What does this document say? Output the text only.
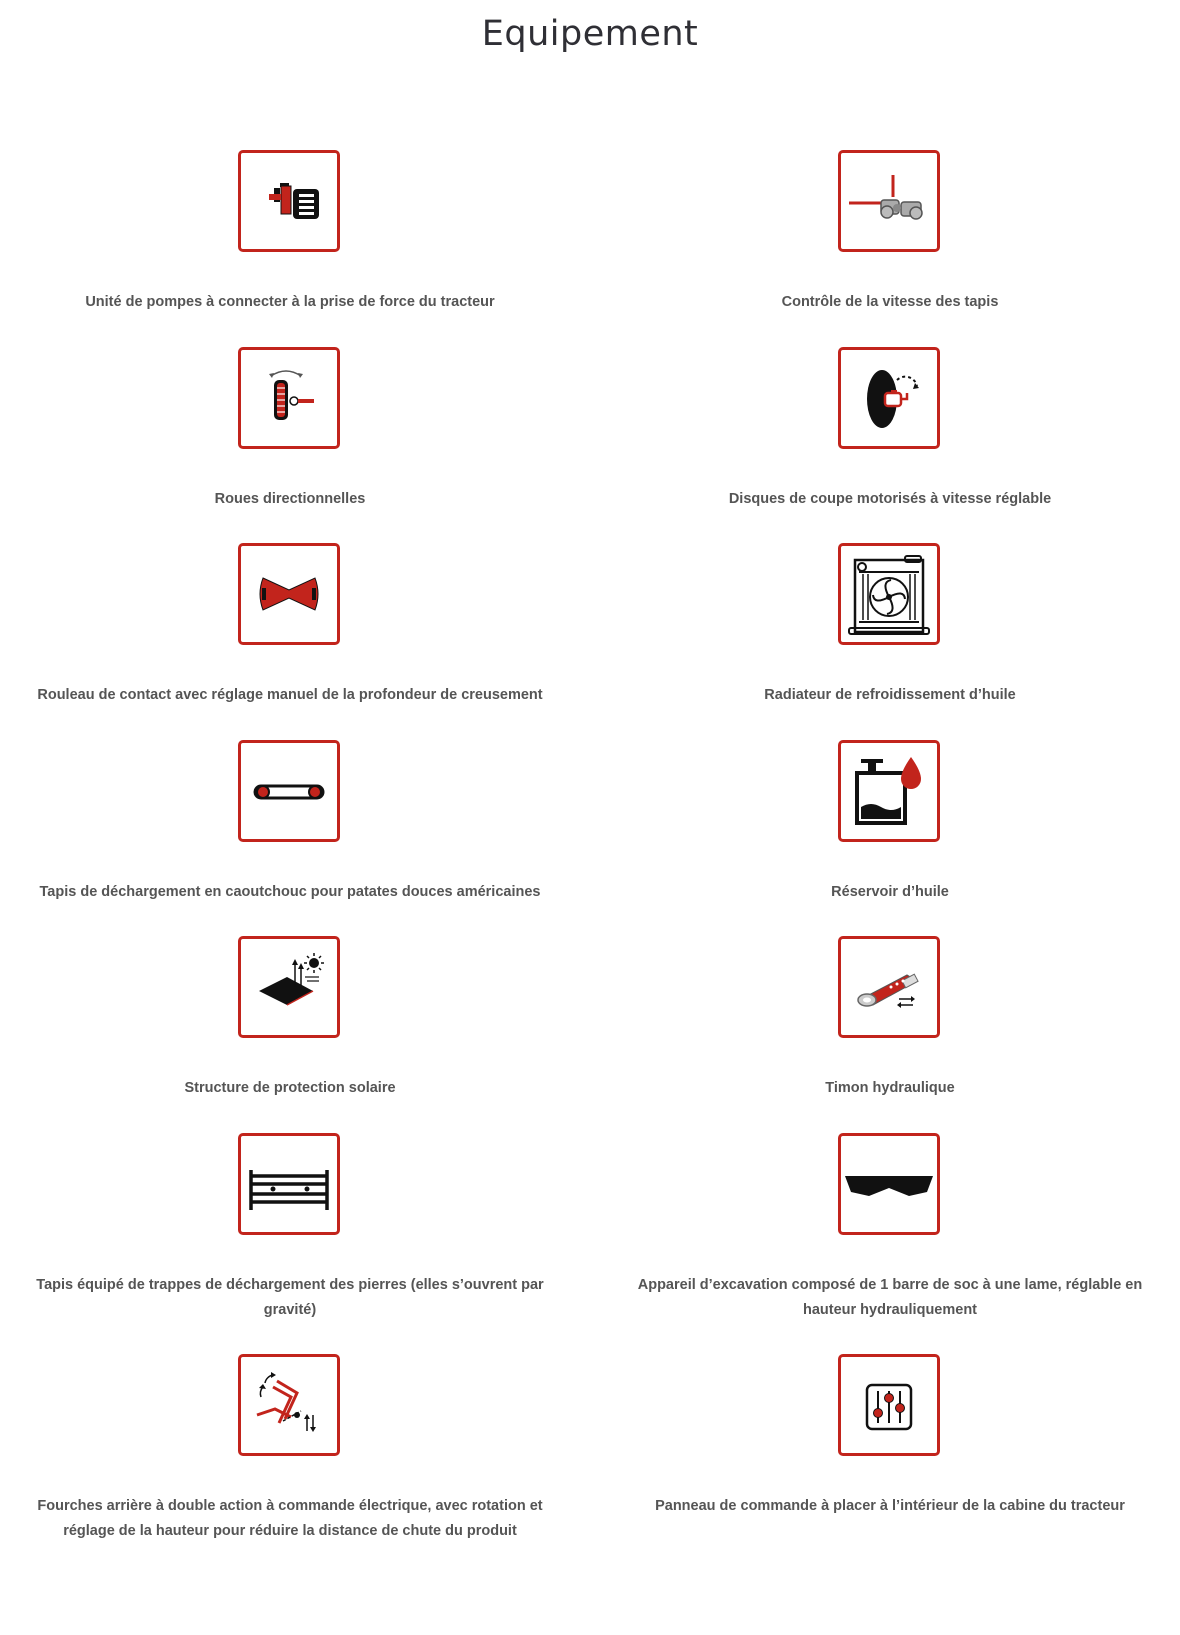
Equipement
Unité de pompes à connecter à la prise de force du tracteur	Contrôle de la vitesse des tapis
Roues directionnelles	Disques de coupe motorisés à vitesse réglable
Rouleau de contact avec réglage manuel de la profondeur de creusement	Radiateur de refroidissement d’huile
Tapis de déchargement en caoutchouc pour patates douces américaines	Réservoir d’huile
Structure de protection solaire	Timon hydraulique
Tapis équipé de trappes de déchargement des pierres (elles s’ouvrent par gravité)
Appareil d’excavation composé de 1 barre de soc à une lame, réglable en hauteur hydrauliquement
Fourches arrière à double action à commande électrique, avec rotation et réglage de la hauteur pour réduire la distance de chute du produit
Panneau de commande à placer à l’intérieur de la cabine du tracteur
